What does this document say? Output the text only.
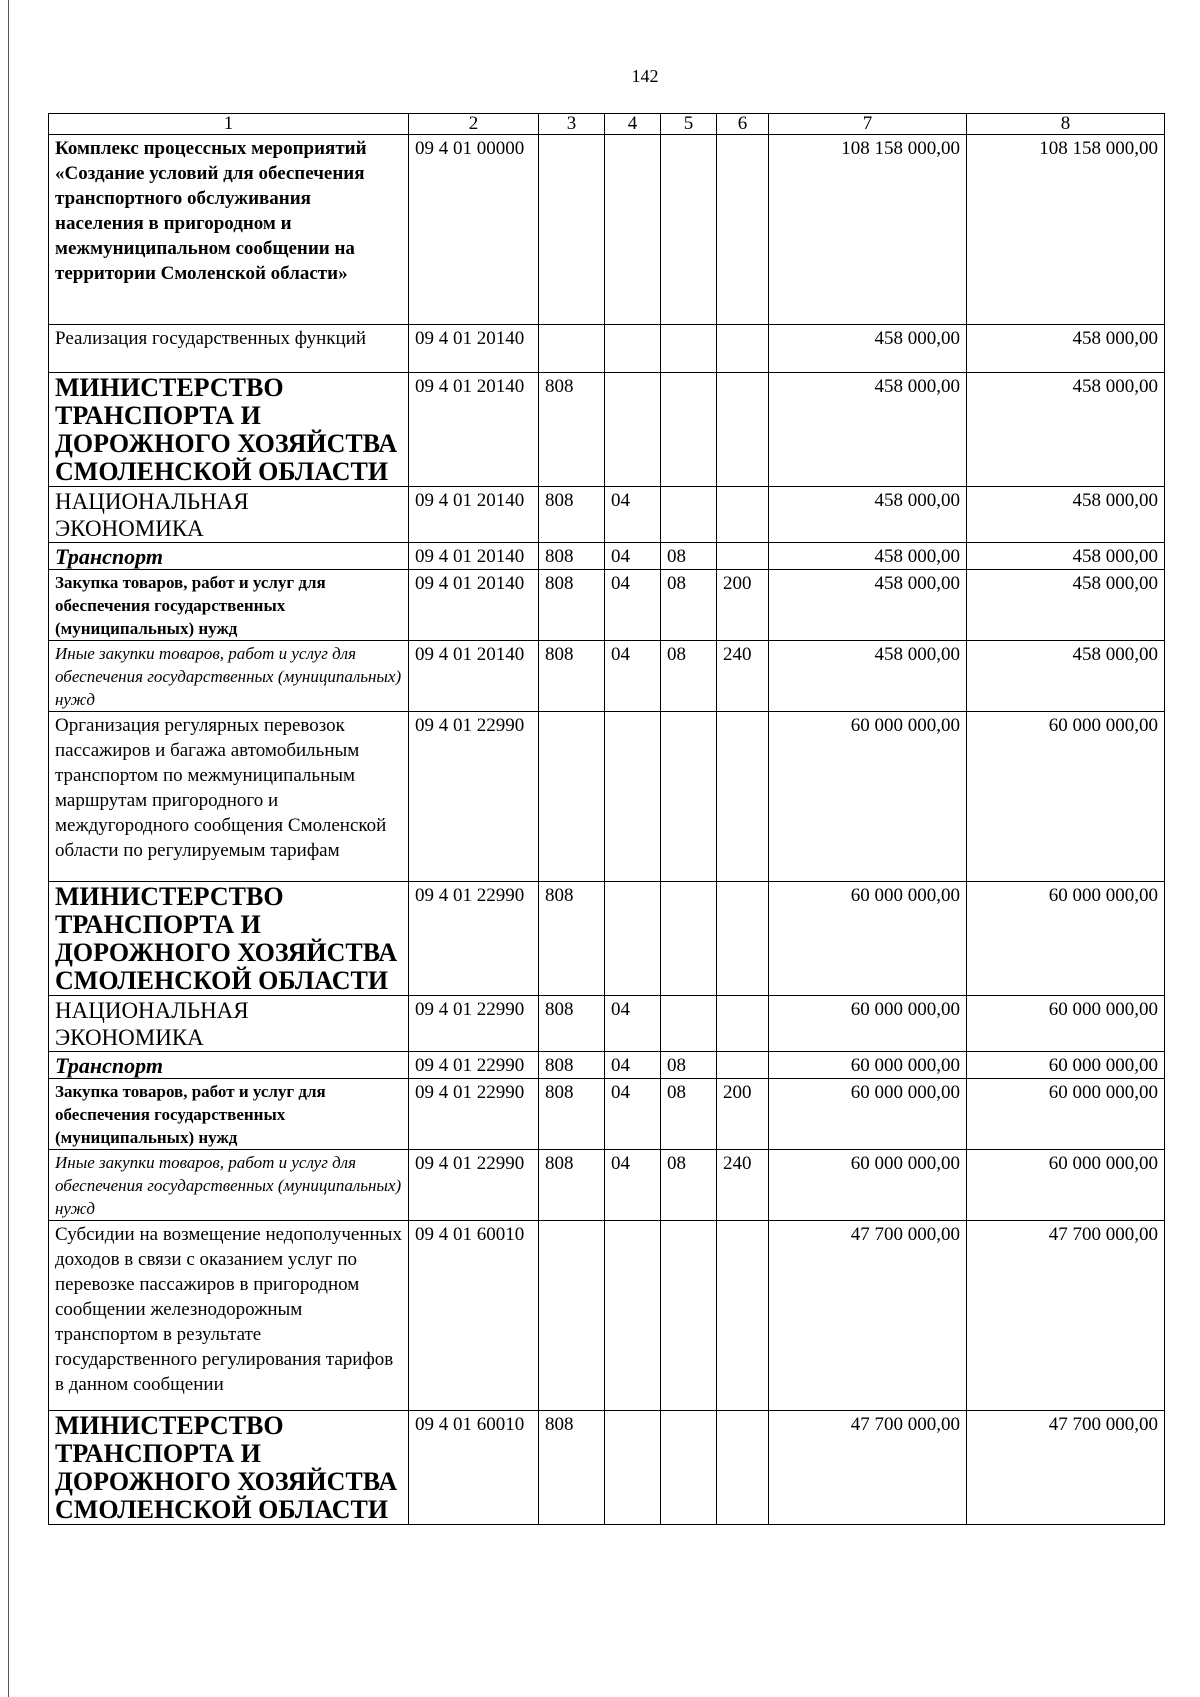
142
1	2	3	4	5	6	7	8

Комплекс процессных мероприятий «Создание условий для обеспечения транспортного обслуживания населения в пригородном и межмуниципальном сообщении на территории Смоленской области»	09 4 01 00000					108 158 000,00	108 158 000,00

Реализация государственных функций	09 4 01 20140					458 000,00	458 000,00

МИНИСТЕРСТВО ТРАНСПОРТА И ДОРОЖНОГО ХОЗЯЙСТВА СМОЛЕНСКОЙ ОБЛАСТИ	09 4 01 20140	808				458 000,00	458 000,00

НАЦИОНАЛЬНАЯ ЭКОНОМИКА	09 4 01 20140	808	04			458 000,00	458 000,00

Транспорт	09 4 01 20140	808	04	08		458 000,00	458 000,00

Закупка товаров, работ и услуг для обеспечения государственных (муниципальных) нужд	09 4 01 20140	808	04	08	200	458 000,00	458 000,00

Иные закупки товаров, работ и услуг для обеспечения государственных (муниципальных) нужд	09 4 01 20140	808	04	08	240	458 000,00	458 000,00

Организация регулярных перевозок пассажиров и багажа автомобильным транспортом по межмуниципальным маршрутам пригородного и междугородного сообщения Смоленской области по регулируемым тарифам	09 4 01 22990					60 000 000,00	60 000 000,00

МИНИСТЕРСТВО ТРАНСПОРТА И ДОРОЖНОГО ХОЗЯЙСТВА СМОЛЕНСКОЙ ОБЛАСТИ	09 4 01 22990	808				60 000 000,00	60 000 000,00

НАЦИОНАЛЬНАЯ ЭКОНОМИКА	09 4 01 22990	808	04			60 000 000,00	60 000 000,00

Транспорт	09 4 01 22990	808	04	08		60 000 000,00	60 000 000,00

Закупка товаров, работ и услуг для обеспечения государственных (муниципальных) нужд	09 4 01 22990	808	04	08	200	60 000 000,00	60 000 000,00

Иные закупки товаров, работ и услуг для обеспечения государственных (муниципальных) нужд	09 4 01 22990	808	04	08	240	60 000 000,00	60 000 000,00

Субсидии на возмещение недополученных доходов в связи с оказанием услуг по перевозке пассажиров в пригородном сообщении железнодорожным транспортом в результате государственного регулирования тарифов в данном сообщении	09 4 01 60010					47 700 000,00	47 700 000,00

МИНИСТЕРСТВО ТРАНСПОРТА И ДОРОЖНОГО ХОЗЯЙСТВА СМОЛЕНСКОЙ ОБЛАСТИ	09 4 01 60010	808				47 700 000,00	47 700 000,00
